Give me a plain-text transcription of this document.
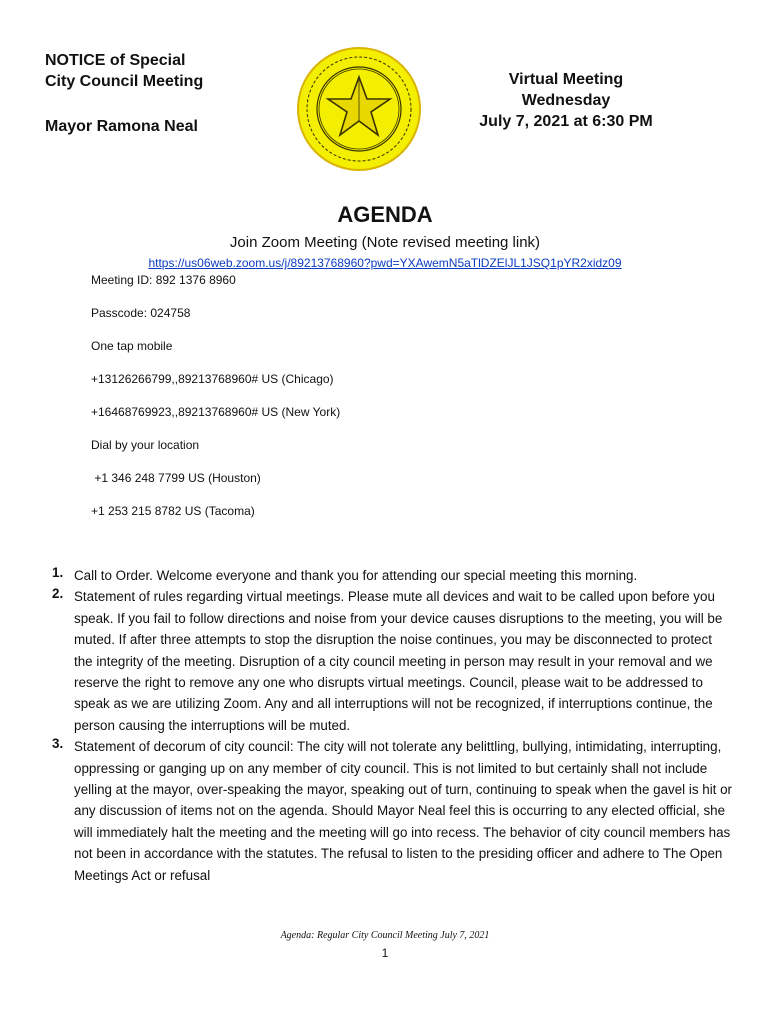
NOTICE of Special
City Council Meeting
Mayor Ramona Neal
Virtual Meeting
Wednesday
July 7, 2021 at 6:30 PM
AGENDA
Join Zoom Meeting (Note revised meeting link)
https://us06web.zoom.us/j/89213768960?pwd=YXAwemN5aTlDZElJL1JSQ1pYR2xidz09
Meeting ID: 892 1376 8960
Passcode: 024758
One tap mobile
+13126266799,,89213768960# US (Chicago)
+16468769923,,89213768960# US (New York)
Dial by your location
+1 346 248 7799 US (Houston)
+1 253 215 8782 US (Tacoma)
1. Call to Order. Welcome everyone and thank you for attending our special meeting this morning.
2. Statement of rules regarding virtual meetings. Please mute all devices and wait to be called upon before you speak. If you fail to follow directions and noise from your device causes disruptions to the meeting, you will be muted. If after three attempts to stop the disruption the noise continues, you may be disconnected to protect the integrity of the meeting. Disruption of a city council meeting in person may result in your removal and we reserve the right to remove any one who disrupts virtual meetings. Council, please wait to be addressed to speak as we are utilizing Zoom. Any and all interruptions will not be recognized, if interruptions continue, the person causing the interruptions will be muted.
3. Statement of decorum of city council: The city will not tolerate any belittling, bullying, intimidating, interrupting, oppressing or ganging up on any member of city council. This is not limited to but certainly shall not include yelling at the mayor, over-speaking the mayor, speaking out of turn, continuing to speak when the gavel is hit or any discussion of items not on the agenda. Should Mayor Neal feel this is occurring to any elected official, she will immediately halt the meeting and the meeting will go into recess. The behavior of city council members has not been in accordance with the statutes. The refusal to listen to the presiding officer and adhere to The Open Meetings Act or refusal
Agenda: Regular City Council Meeting July 7, 2021
1
